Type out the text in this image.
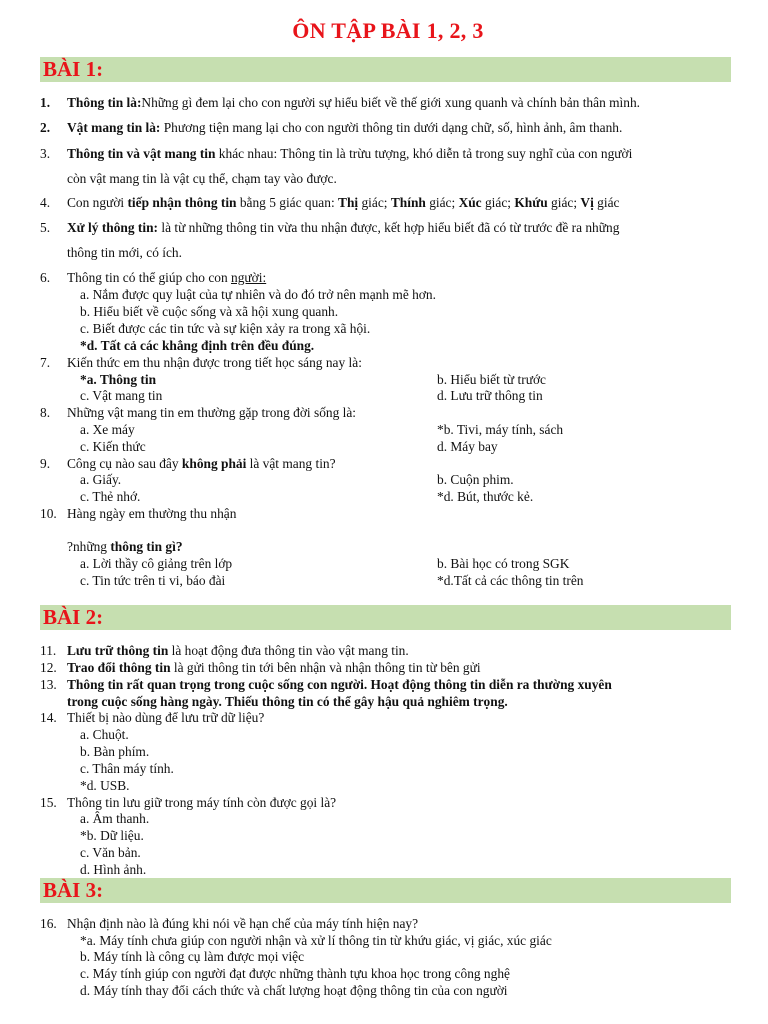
ÔN TẬP BÀI 1, 2, 3
BÀI 1:
1.	Thông tin là:Những gì đem lại cho con người sự hiểu biết về thế giới xung quanh và chính bản thân mình.
2.	Vật mang tin là: Phương tiện mang lại cho con người thông tin dưới dạng chữ, số, hình ảnh, âm thanh.
3.	Thông tin và vật mang tin khác nhau: Thông tin là trừu tượng, khó diễn tả trong suy nghĩ của con người
còn vật mang tin là vật cụ thể, chạm tay vào được.
4.	Con người tiếp nhận thông tin bằng 5 giác quan: Thị giác; Thính giác; Xúc giác; Khứu giác; Vị giác
5.	Xử lý thông tin: là từ những thông tin vừa thu nhận được, kết hợp hiểu biết đã có từ trước đề ra những
thông tin mới, có ích.
6.	Thông tin có thể giúp cho con người:
a. Nắm được quy luật của tự nhiên và do đó trở nên mạnh mẽ hơn.
b. Hiểu biết về cuộc sống và xã hội xung quanh.
c. Biết được các tin tức và sự kiện xảy ra trong xã hội.
*d. Tất cả các khẳng định trên đều đúng.
7.	Kiến thức em thu nhận được trong tiết học sáng nay là:
*a. Thông tin	b. Hiểu biết từ trước
c. Vật mang tin	d. Lưu trữ thông tin
8.	Những vật mang tin em thường gặp trong đời sống là:
a. Xe máy	*b. Tivi, máy tính, sách
c. Kiến thức	d. Máy bay
9.	Công cụ nào sau đây không phải là vật mang tin?
a. Giấy.	b. Cuộn phim.
c. Thẻ nhớ.	*d. Bút, thước kẻ.
10. Hàng ngày em thường thu nhận
?những thông tin gì?
a. Lời thầy cô giảng trên lớp	b. Bài học có trong SGK
c. Tin tức trên ti vi, báo đài	*d.Tất cả các thông tin trên
BÀI 2:
11. Lưu trữ thông tin là hoạt động đưa thông tin vào vật mang tin.
12. Trao đổi thông tin là gửi thông tin tới bên nhận và nhận thông tin từ bên gửi
13. Thông tin rất quan trọng trong cuộc sống con người. Hoạt động thông tin diễn ra thường xuyên
trong cuộc sống hàng ngày. Thiếu thông tin có thể gây hậu quả nghiêm trọng.
14. Thiết bị nào dùng để lưu trữ dữ liệu?
a. Chuột.
b. Bàn phím.
c. Thân máy tính.
*d. USB.
15. Thông tin lưu giữ trong máy tính còn được gọi là?
a. Âm thanh.
*b. Dữ liệu.
c. Văn bản.
d. Hình ảnh.
BÀI 3:
16. Nhận định nào là đúng khi nói về hạn chế của máy tính hiện nay?
*a. Máy tính chưa giúp con người nhận và xử lí thông tin từ khứu giác, vị giác, xúc giác
b. Máy tính là công cụ làm được mọi việc
c. Máy tính giúp con người đạt được những thành tựu khoa học trong công nghệ
d. Máy tính thay đổi cách thức và chất lượng hoạt động thông tin của con người
